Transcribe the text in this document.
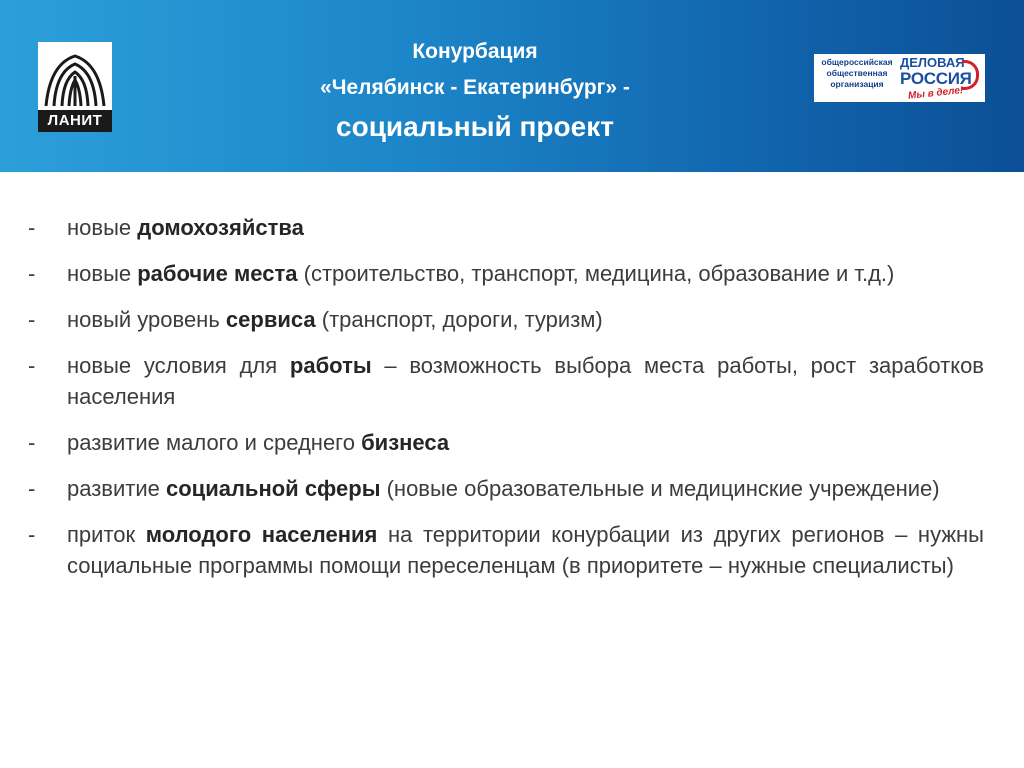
ЛАНИТ
Конурбация
«Челябинск - Екатеринбург» -
социальный проект
общероссийская
общественная
организация
ДЕЛОВАЯ
РОССИЯ
Мы в деле!
-	новые домохозяйства
-	новые рабочие места (строительство, транспорт, медицина, образование и т.д.)
-	новый уровень сервиса (транспорт, дороги, туризм)
-	новые условия для работы – возможность выбора места работы, рост заработков населения
-	развитие малого и среднего бизнеса
-	развитие социальной сферы (новые образовательные и медицинские учреждение)
-	приток молодого населения на территории конурбации из других регионов – нужны социальные программы помощи переселенцам (в приоритете – нужные специалисты)
